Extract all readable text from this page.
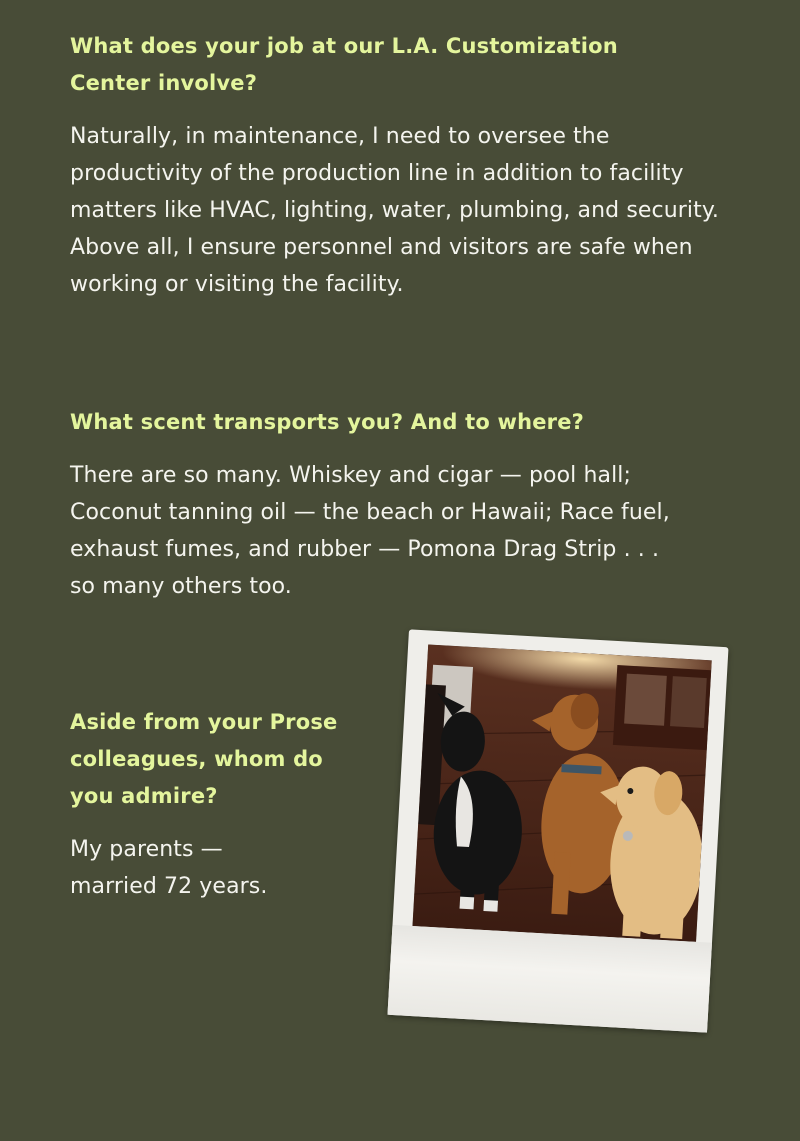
What does your job at our L.A. Customization Center involve?

Naturally, in maintenance, I need to oversee the productivity of the production line in addition to facility matters like HVAC, lighting, water, plumbing, and security. Above all, I ensure personnel and visitors are safe when working or visiting the facility.

What scent transports you? And to where?

There are so many. Whiskey and cigar — pool hall; Coconut tanning oil — the beach or Hawaii; Race fuel, exhaust fumes, and rubber — Pomona Drag Strip . . . so many others too.

Aside from your Prose colleagues, whom do you admire?

My parents — married 72 years.
